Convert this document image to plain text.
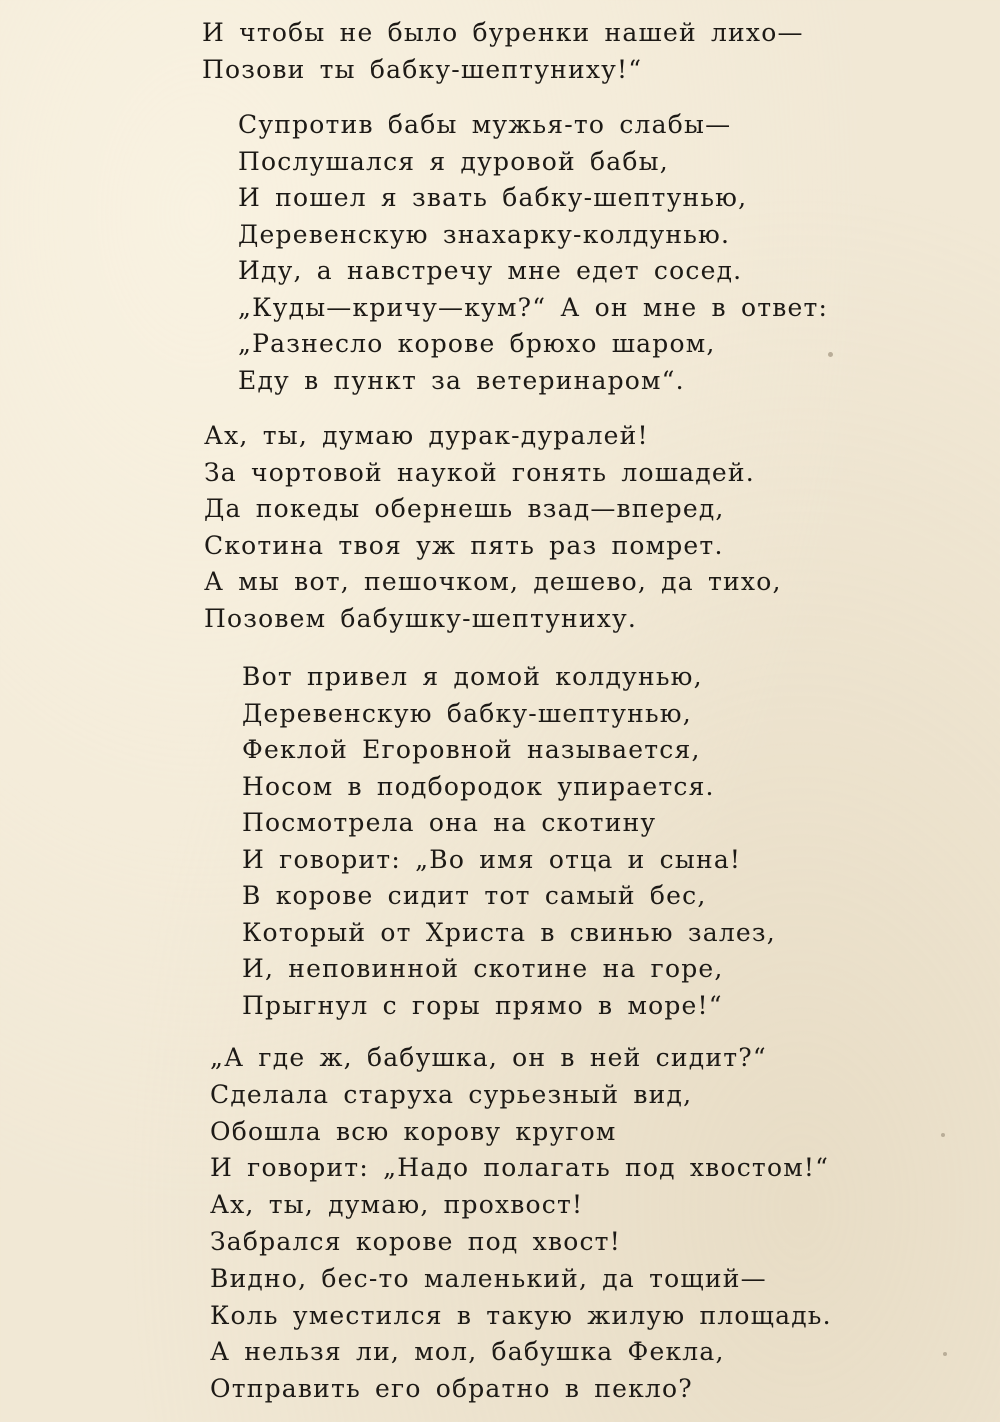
И чтобы не было буренки нашей лихо—
Позови ты бабку-шептуниху!“
Супротив бабы мужья-то слабы—
Послушался я дуровой бабы,
И пошел я звать бабку-шептунью,
Деревенскую знахарку-колдунью.
Иду, а навстречу мне едет сосед.
„Куды—кричу—кум?“ А он мне в ответ:
„Разнесло корове брюхо шаром,
Еду в пункт за ветеринаром“.
Ах, ты, думаю дурак-дуралей!
За чортовой наукой гонять лошадей.
Да покеды обернешь взад—вперед,
Скотина твоя уж пять раз помрет.
А мы вот, пешочком, дешево, да тихо,
Позовем бабушку-шептуниху.
Вот привел я домой колдунью,
Деревенскую бабку-шептунью,
Феклой Егоровной называется,
Носом в подбородок упирается.
Посмотрела она на скотину
И говорит: „Во имя отца и сына!
В корове сидит тот самый бес,
Который от Христа в свинью залез,
И, неповинной скотине на горе,
Прыгнул с горы прямо в море!“
„А где ж, бабушка, он в ней сидит?“
Сделала старуха сурьезный вид,
Обошла всю корову кругом
И говорит: „Надо полагать под хвостом!“
Ах, ты, думаю, прохвост!
Забрался корове под хвост!
Видно, бес-то маленький, да тощий—
Коль уместился в такую жилую площадь.
А нельзя ли, мол, бабушка Фекла,
Отправить его обратно в пекло?
